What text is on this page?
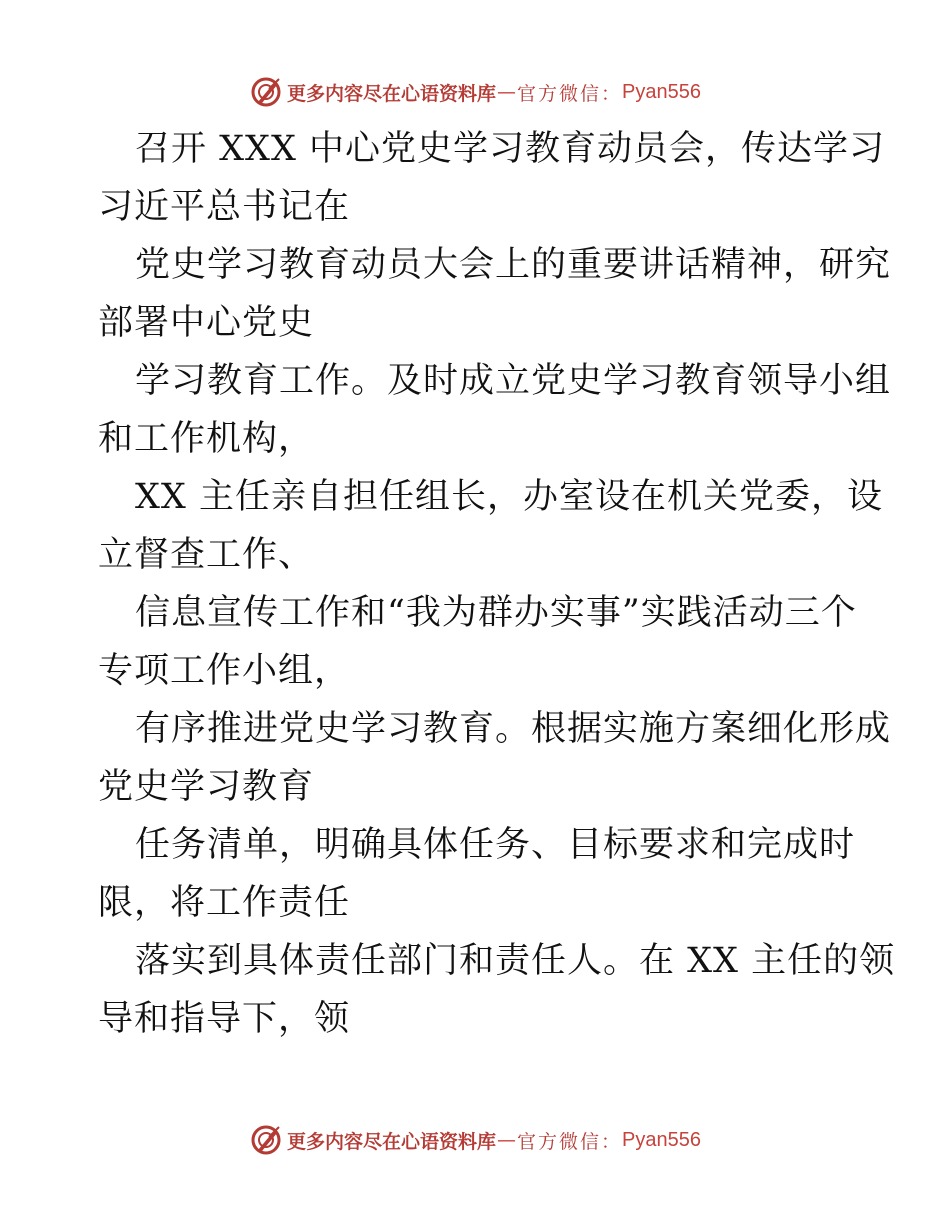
更多内容尽在心语资料库 — 官方微信： Pyan556
召开 XXX 中心党史学习教育动员会，传达学习
习近平总书记在
党史学习教育动员大会上的重要讲话精神，研究
部署中心党史
学习教育工作。及时成立党史学习教育领导小组
和工作机构，
XX 主任亲自担任组长，办室设在机关党委，设
立督查工作、
信息宣传工作和“我为群办实事”实践活动三个
专项工作小组，
有序推进党史学习教育。根据实施方案细化形成
党史学习教育
任务清单，明确具体任务、目标要求和完成时
限，将工作责任
落实到具体责任部门和责任人。在 XX 主任的领
导和指导下，领
更多内容尽在心语资料库 — 官方微信： Pyan556
